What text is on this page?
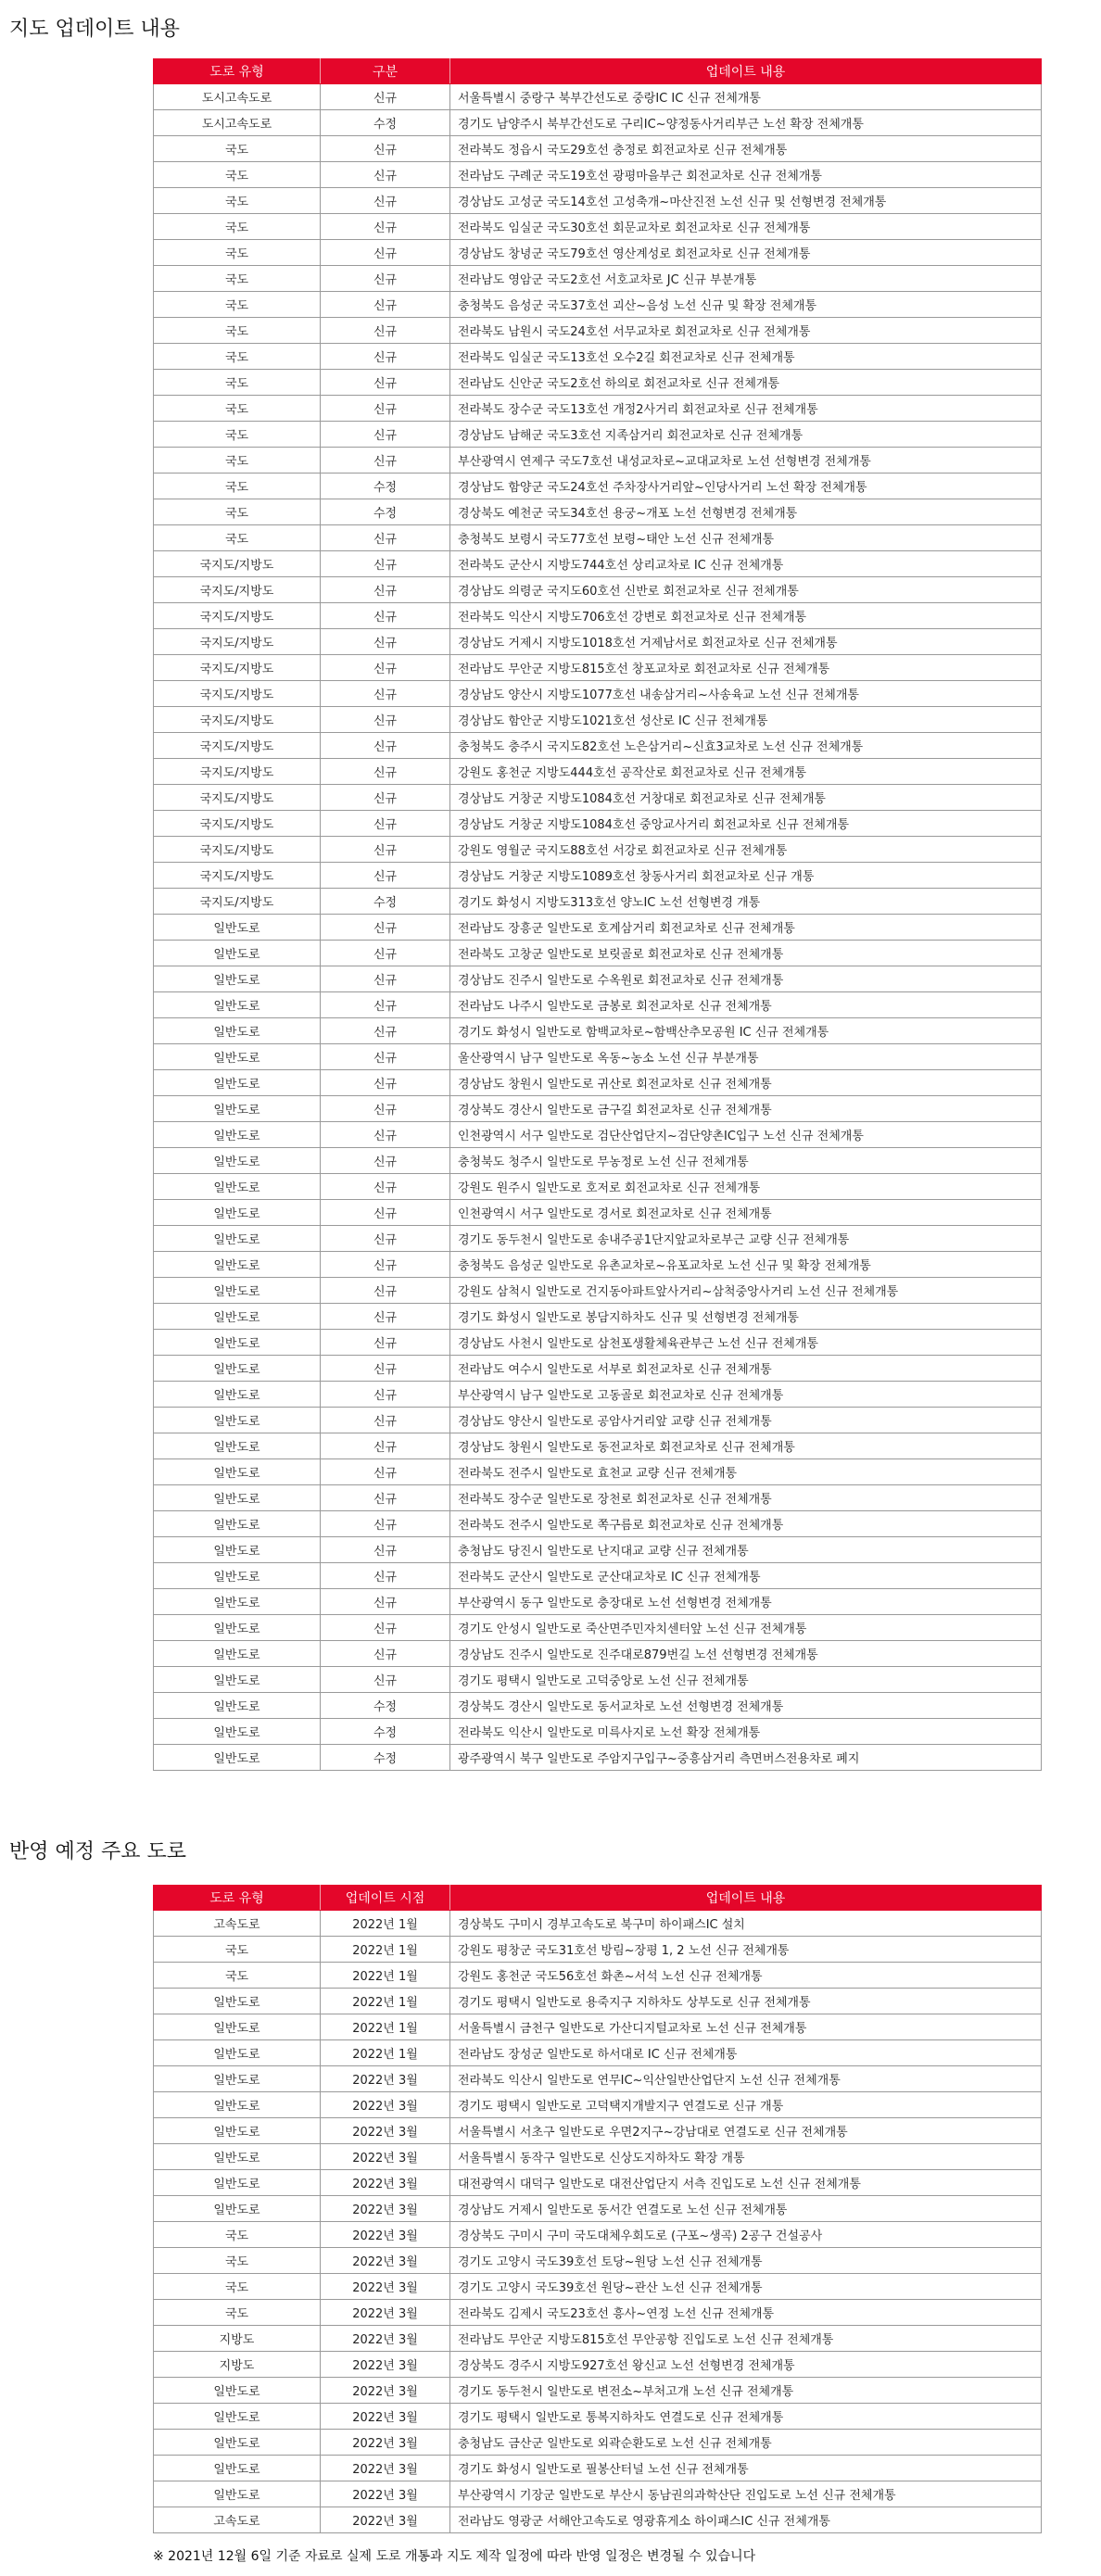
지도 업데이트 내용
도로 유형	구분	업데이트 내용
도시고속도로	신규	서울특별시 중랑구 북부간선도로 중랑IC IC 신규 전체개통
도시고속도로	수정	경기도 남양주시 북부간선도로 구리IC~양정동사거리부근 노선 확장 전체개통
국도	신규	전라북도 정읍시 국도29호선 충정로 회전교차로 신규 전체개통
국도	신규	전라남도 구례군 국도19호선 광평마을부근 회전교차로 신규 전체개통
국도	신규	경상남도 고성군 국도14호선 고성축개~마산진전 노선 신규 및 선형변경 전체개통
국도	신규	전라북도 임실군 국도30호선 회문교차로 회전교차로 신규 전체개통
국도	신규	경상남도 창녕군 국도79호선 영산계성로 회전교차로 신규 전체개통
국도	신규	전라남도 영암군 국도2호선 서호교차로 JC 신규 부분개통
국도	신규	충청북도 음성군 국도37호선 괴산~음성 노선 신규 및 확장 전체개통
국도	신규	전라북도 남원시 국도24호선 서무교차로 회전교차로 신규 전체개통
국도	신규	전라북도 임실군 국도13호선 오수2길 회전교차로 신규 전체개통
국도	신규	전라남도 신안군 국도2호선 하의로 회전교차로 신규 전체개통
국도	신규	전라북도 장수군 국도13호선 개정2사거리 회전교차로 신규 전체개통
국도	신규	경상남도 남해군 국도3호선 지족삼거리 회전교차로 신규 전체개통
국도	신규	부산광역시 연제구 국도7호선 내성교차로~교대교차로 노선 선형변경 전체개통
국도	수정	경상남도 함양군 국도24호선 주차장사거리앞~인당사거리 노선 확장 전체개통
국도	수정	경상북도 예천군 국도34호선 용궁~개포 노선 선형변경 전체개통
국도	신규	충청북도 보령시 국도77호선 보령~태안 노선 신규 전체개통
국지도/지방도	신규	전라북도 군산시 지방도744호선 상리교차로 IC 신규 전체개통
국지도/지방도	신규	경상남도 의령군 국지도60호선 신반로 회전교차로 신규 전체개통
국지도/지방도	신규	전라북도 익산시 지방도706호선 강변로 회전교차로 신규 전체개통
국지도/지방도	신규	경상남도 거제시 지방도1018호선 거제남서로 회전교차로 신규 전체개통
국지도/지방도	신규	전라남도 무안군 지방도815호선 창포교차로 회전교차로 신규 전체개통
국지도/지방도	신규	경상남도 양산시 지방도1077호선 내송삼거리~사송육교 노선 신규 전체개통
국지도/지방도	신규	경상남도 함안군 지방도1021호선 성산로 IC 신규 전체개통
국지도/지방도	신규	충청북도 충주시 국지도82호선 노은삼거리~신효3교차로 노선 신규 전체개통
국지도/지방도	신규	강원도 홍천군 지방도444호선 공작산로 회전교차로 신규 전체개통
국지도/지방도	신규	경상남도 거창군 지방도1084호선 거창대로 회전교차로 신규 전체개통
국지도/지방도	신규	경상남도 거창군 지방도1084호선 중앙교사거리 회전교차로 신규 전체개통
국지도/지방도	신규	강원도 영월군 국지도88호선 서강로 회전교차로 신규 전체개통
국지도/지방도	신규	경상남도 거창군 지방도1089호선 창동사거리 회전교차로 신규 개통
국지도/지방도	수정	경기도 화성시 지방도313호선 양노IC 노선 선형변경 개통
일반도로	신규	전라남도 장흥군 일반도로 호계삼거리 회전교차로 신규 전체개통
일반도로	신규	전라북도 고창군 일반도로 보릿골로 회전교차로 신규 전체개통
일반도로	신규	경상남도 진주시 일반도로 수옥원로 회전교차로 신규 전체개통
일반도로	신규	전라남도 나주시 일반도로 금봉로 회전교차로 신규 전체개통
일반도로	신규	경기도 화성시 일반도로 함백교차로~함백산추모공원 IC 신규 전체개통
일반도로	신규	울산광역시 남구 일반도로 옥동~농소 노선 신규 부분개통
일반도로	신규	경상남도 창원시 일반도로 귀산로 회전교차로 신규 전체개통
일반도로	신규	경상북도 경산시 일반도로 금구길 회전교차로 신규 전체개통
일반도로	신규	인천광역시 서구 일반도로 검단산업단지~검단양촌IC입구 노선 신규 전체개통
일반도로	신규	충청북도 청주시 일반도로 무농정로 노선 신규 전체개통
일반도로	신규	강원도 원주시 일반도로 호저로 회전교차로 신규 전체개통
일반도로	신규	인천광역시 서구 일반도로 경서로 회전교차로 신규 전체개통
일반도로	신규	경기도 동두천시 일반도로 송내주공1단지앞교차로부근 교량 신규 전체개통
일반도로	신규	충청북도 음성군 일반도로 유촌교차로~유포교차로 노선 신규 및 확장 전체개통
일반도로	신규	강원도 삼척시 일반도로 건지동아파트앞사거리~삼척중앙사거리 노선 신규 전체개통
일반도로	신규	경기도 화성시 일반도로 봉담지하차도 신규 및 선형변경 전체개통
일반도로	신규	경상남도 사천시 일반도로 삼천포생활체육관부근 노선 신규 전체개통
일반도로	신규	전라남도 여수시 일반도로 서부로 회전교차로 신규 전체개통
일반도로	신규	부산광역시 남구 일반도로 고동골로 회전교차로 신규 전체개통
일반도로	신규	경상남도 양산시 일반도로 공암사거리앞 교량 신규 전체개통
일반도로	신규	경상남도 창원시 일반도로 동전교차로 회전교차로 신규 전체개통
일반도로	신규	전라북도 전주시 일반도로 효천교 교량 신규 전체개통
일반도로	신규	전라북도 장수군 일반도로 장천로 회전교차로 신규 전체개통
일반도로	신규	전라북도 전주시 일반도로 쪽구름로 회전교차로 신규 전체개통
일반도로	신규	충청남도 당진시 일반도로 난지대교 교량 신규 전체개통
일반도로	신규	전라북도 군산시 일반도로 군산대교차로 IC 신규 전체개통
일반도로	신규	부산광역시 동구 일반도로 충장대로 노선 선형변경 전체개통
일반도로	신규	경기도 안성시 일반도로 죽산면주민자치센터앞 노선 신규 전체개통
일반도로	신규	경상남도 진주시 일반도로 진주대로879번길 노선 선형변경 전체개통
일반도로	신규	경기도 평택시 일반도로 고덕중앙로 노선 신규 전체개통
일반도로	수정	경상북도 경산시 일반도로 동서교차로 노선 선형변경 전체개통
일반도로	수정	전라북도 익산시 일반도로 미륵사지로 노선 확장 전체개통
일반도로	수정	광주광역시 북구 일반도로 주암지구입구~중흥삼거리 측면버스전용차로 폐지
반영 예정 주요 도로
도로 유형	업데이트 시점	업데이트 내용
고속도로	2022년 1월	경상북도 구미시 경부고속도로 북구미 하이패스IC 설치
국도	2022년 1월	강원도 평창군 국도31호선 방림~장평 1, 2 노선 신규 전체개통
국도	2022년 1월	강원도 홍천군 국도56호선 화촌~서석 노선 신규 전체개통
일반도로	2022년 1월	경기도 평택시 일반도로 용죽지구 지하차도 상부도로 신규 전체개통
일반도로	2022년 1월	서울특별시 금천구 일반도로 가산디지털교차로 노선 신규 전체개통
일반도로	2022년 1월	전라남도 장성군 일반도로 하서대로 IC 신규 전체개통
일반도로	2022년 3월	전라북도 익산시 일반도로 연무IC~익산일반산업단지 노선 신규 전체개통
일반도로	2022년 3월	경기도 평택시 일반도로 고덕택지개발지구 연결도로 신규 개통
일반도로	2022년 3월	서울특별시 서초구 일반도로 우면2지구~강남대로 연결도로 신규 전체개통
일반도로	2022년 3월	서울특별시 동작구 일반도로 신상도지하차도 확장 개통
일반도로	2022년 3월	대전광역시 대덕구 일반도로 대전산업단지 서측 진입도로 노선 신규 전체개통
일반도로	2022년 3월	경상남도 거제시 일반도로 동서간 연결도로 노선 신규 전체개통
국도	2022년 3월	경상북도 구미시 구미 국도대체우회도로 (구포~생곡) 2공구 건설공사
국도	2022년 3월	경기도 고양시 국도39호선 토당~원당 노선 신규 전체개통
국도	2022년 3월	경기도 고양시 국도39호선 원당~관산 노선 신규 전체개통
국도	2022년 3월	전라북도 김제시 국도23호선 흥사~연정 노선 신규 전체개통
지방도	2022년 3월	전라남도 무안군 지방도815호선 무안공항 진입도로 노선 신규 전체개통
지방도	2022년 3월	경상북도 경주시 지방도927호선 왕신교 노선 선형변경 전체개통
일반도로	2022년 3월	경기도 동두천시 일반도로 변전소~부처고개 노선 신규 전체개통
일반도로	2022년 3월	경기도 평택시 일반도로 통복지하차도 연결도로 신규 전체개통
일반도로	2022년 3월	충청남도 금산군 일반도로 외곽순환도로 노선 신규 전체개통
일반도로	2022년 3월	경기도 화성시 일반도로 필봉산터널 노선 신규 전체개통
일반도로	2022년 3월	부산광역시 기장군 일반도로 부산시 동남권의과학산단 진입도로 노선 신규 전체개통
고속도로	2022년 3월	전라남도 영광군 서해안고속도로 영광휴게소 하이패스IC 신규 전체개통

※ 2021년 12월 6일 기준 자료로 실제 도로 개통과 지도 제작 일정에 따라 반영 일정은 변경될 수 있습니다
